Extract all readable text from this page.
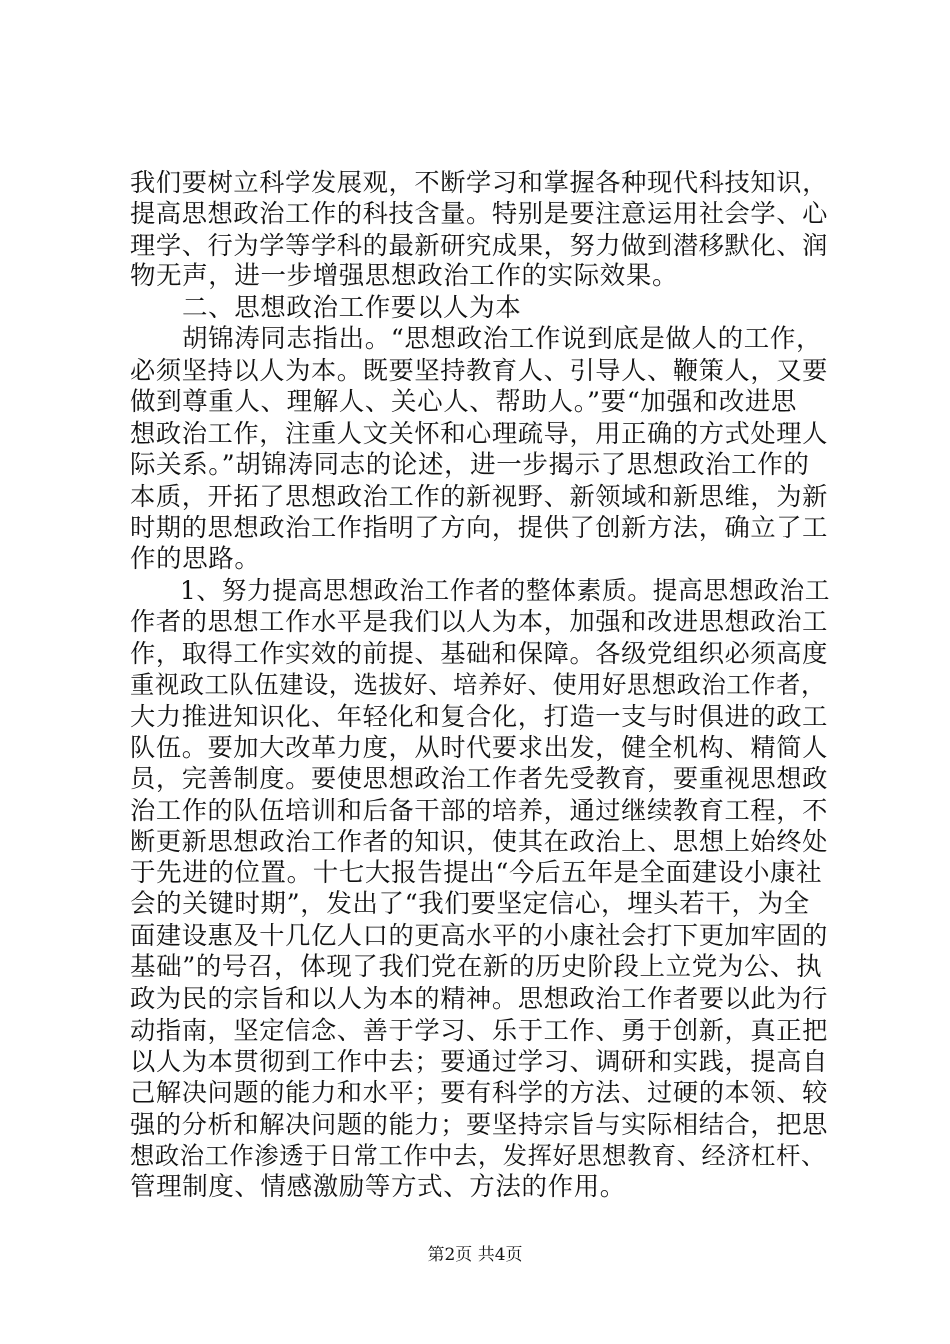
我们要树立科学发展观，不断学习和掌握各种现代科技知识，
提高思想政治工作的科技含量。特别是要注意运用社会学、心
理学、行为学等学科的最新研究成果，努力做到潜移默化、润
物无声，进一步增强思想政治工作的实际效果。
二、思想政治工作要以人为本
胡锦涛同志指出。“思想政治工作说到底是做人的工作，
必须坚持以人为本。既要坚持教育人、引导人、鞭策人，又要
做到尊重人、理解人、关心人、帮助人。”要“加强和改进思
想政治工作，注重人文关怀和心理疏导，用正确的方式处理人
际关系。”胡锦涛同志的论述，进一步揭示了思想政治工作的
本质，开拓了思想政治工作的新视野、新领域和新思维，为新
时期的思想政治工作指明了方向，提供了创新方法，确立了工
作的思路。
1、努力提高思想政治工作者的整体素质。提高思想政治工
作者的思想工作水平是我们以人为本，加强和改进思想政治工
作，取得工作实效的前提、基础和保障。各级党组织必须高度
重视政工队伍建设，选拔好、培养好、使用好思想政治工作者，
大力推进知识化、年轻化和复合化，打造一支与时俱进的政工
队伍。要加大改革力度，从时代要求出发，健全机构、精简人
员，完善制度。要使思想政治工作者先受教育，要重视思想政
治工作的队伍培训和后备干部的培养，通过继续教育工程，不
断更新思想政治工作者的知识，使其在政治上、思想上始终处
于先进的位置。十七大报告提出“今后五年是全面建设小康社
会的关键时期”，发出了“我们要坚定信心，埋头若干，为全
面建设惠及十几亿人口的更高水平的小康社会打下更加牢固的
基础”的号召，体现了我们党在新的历史阶段上立党为公、执
政为民的宗旨和以人为本的精神。思想政治工作者要以此为行
动指南，坚定信念、善于学习、乐于工作、勇于创新，真正把
以人为本贯彻到工作中去；要通过学习、调研和实践，提高自
己解决问题的能力和水平；要有科学的方法、过硬的本领、较
强的分析和解决问题的能力；要坚持宗旨与实际相结合，把思
想政治工作渗透于日常工作中去，发挥好思想教育、经济杠杆、
管理制度、情感激励等方式、方法的作用。
第2页 共4页
